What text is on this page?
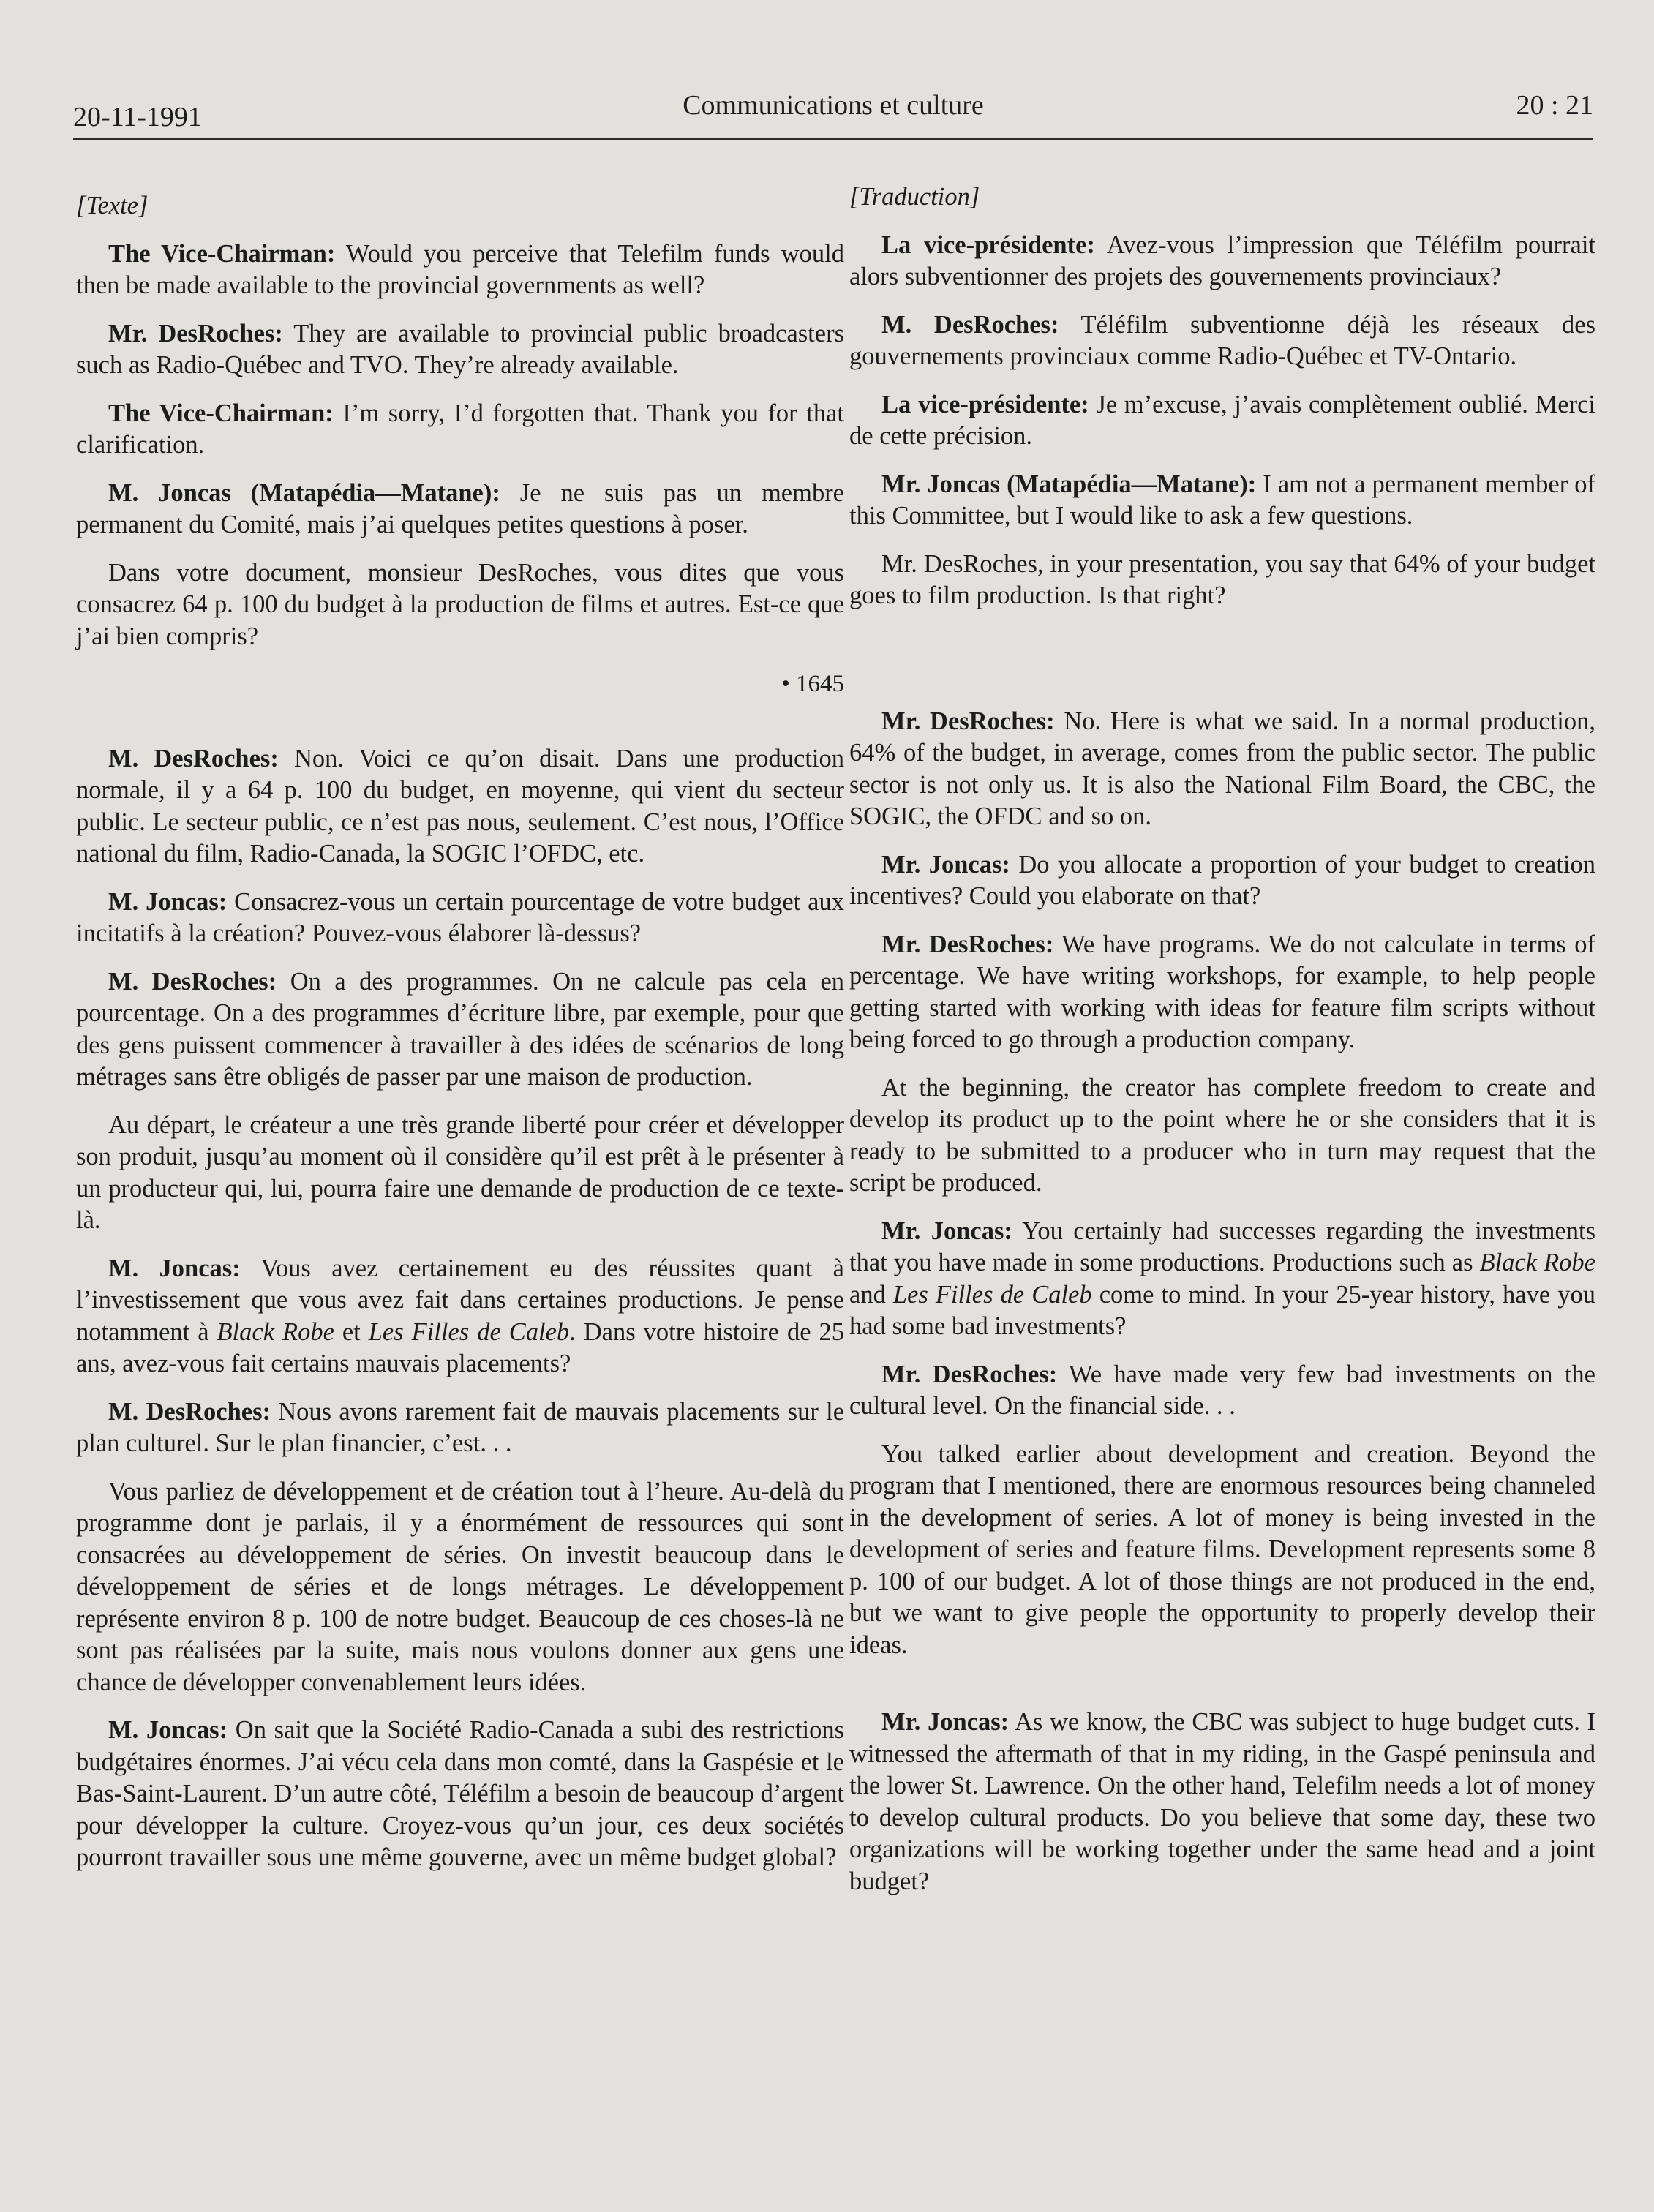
20-11-1991	Communications et culture	20 : 21

[Texte]

The Vice-Chairman: Would you perceive that Telefilm funds would then be made available to the provincial governments as well?

Mr. DesRoches: They are available to provincial public broadcasters such as Radio-Québec and TVO. They’re already available.

The Vice-Chairman: I’m sorry, I’d forgotten that. Thank you for that clarification.

M. Joncas (Matapédia—Matane): Je ne suis pas un membre permanent du Comité, mais j’ai quelques petites questions à poser.

Dans votre document, monsieur DesRoches, vous dites que vous consacrez 64 p. 100 du budget à la production de films et autres. Est-ce que j’ai bien compris?

• 1645

M. DesRoches: Non. Voici ce qu’on disait. Dans une production normale, il y a 64 p. 100 du budget, en moyenne, qui vient du secteur public. Le secteur public, ce n’est pas nous, seulement. C’est nous, l’Office national du film, Radio-Canada, la SOGIC l’OFDC, etc.

M. Joncas: Consacrez-vous un certain pourcentage de votre budget aux incitatifs à la création? Pouvez-vous élaborer là-dessus?

M. DesRoches: On a des programmes. On ne calcule pas cela en pourcentage. On a des programmes d’écriture libre, par exemple, pour que des gens puissent commencer à travailler à des idées de scénarios de long métrages sans être obligés de passer par une maison de production.

Au départ, le créateur a une très grande liberté pour créer et développer son produit, jusqu’au moment où il considère qu’il est prêt à le présenter à un producteur qui, lui, pourra faire une demande de production de ce texte-là.

M. Joncas: Vous avez certainement eu des réussites quant à l’investissement que vous avez fait dans certaines productions. Je pense notamment à Black Robe et Les Filles de Caleb. Dans votre histoire de 25 ans, avez-vous fait certains mauvais placements?

M. DesRoches: Nous avons rarement fait de mauvais placements sur le plan culturel. Sur le plan financier, c’est. . .

Vous parliez de développement et de création tout à l’heure. Au-delà du programme dont je parlais, il y a énormément de ressources qui sont consacrées au développement de séries. On investit beaucoup dans le développement de séries et de longs métrages. Le développement représente environ 8 p. 100 de notre budget. Beaucoup de ces choses-là ne sont pas réalisées par la suite, mais nous voulons donner aux gens une chance de développer convenablement leurs idées.

M. Joncas: On sait que la Société Radio-Canada a subi des restrictions budgétaires énormes. J’ai vécu cela dans mon comté, dans la Gaspésie et le Bas-Saint-Laurent. D’un autre côté, Téléfilm a besoin de beaucoup d’argent pour développer la culture. Croyez-vous qu’un jour, ces deux sociétés pourront travailler sous une même gouverne, avec un même budget global?

[Traduction]

La vice-présidente: Avez-vous l’impression que Téléfilm pourrait alors subventionner des projets des gouvernements provinciaux?

M. DesRoches: Téléfilm subventionne déjà les réseaux des gouvernements provinciaux comme Radio-Québec et TV-Ontario.

La vice-présidente: Je m’excuse, j’avais complètement oublié. Merci de cette précision.

Mr. Joncas (Matapédia—Matane): I am not a permanent member of this Committee, but I would like to ask a few questions.

Mr. DesRoches, in your presentation, you say that 64% of your budget goes to film production. Is that right?

Mr. DesRoches: No. Here is what we said. In a normal production, 64% of the budget, in average, comes from the public sector. The public sector is not only us. It is also the National Film Board, the CBC, the SOGIC, the OFDC and so on.

Mr. Joncas: Do you allocate a proportion of your budget to creation incentives? Could you elaborate on that?

Mr. DesRoches: We have programs. We do not calculate in terms of percentage. We have writing workshops, for example, to help people getting started with working with ideas for feature film scripts without being forced to go through a production company.

At the beginning, the creator has complete freedom to create and develop its product up to the point where he or she considers that it is ready to be submitted to a producer who in turn may request that the script be produced.

Mr. Joncas: You certainly had successes regarding the investments that you have made in some productions. Productions such as Black Robe and Les Filles de Caleb come to mind. In your 25-year history, have you had some bad investments?

Mr. DesRoches: We have made very few bad investments on the cultural level. On the financial side. . .

You talked earlier about development and creation. Beyond the program that I mentioned, there are enormous resources being channeled in the development of series. A lot of money is being invested in the development of series and feature films. Development represents some 8 p. 100 of our budget. A lot of those things are not produced in the end, but we want to give people the opportunity to properly develop their ideas.

Mr. Joncas: As we know, the CBC was subject to huge budget cuts. I witnessed the aftermath of that in my riding, in the Gaspé peninsula and the lower St. Lawrence. On the other hand, Telefilm needs a lot of money to develop cultural products. Do you believe that some day, these two organizations will be working together under the same head and a joint budget?
